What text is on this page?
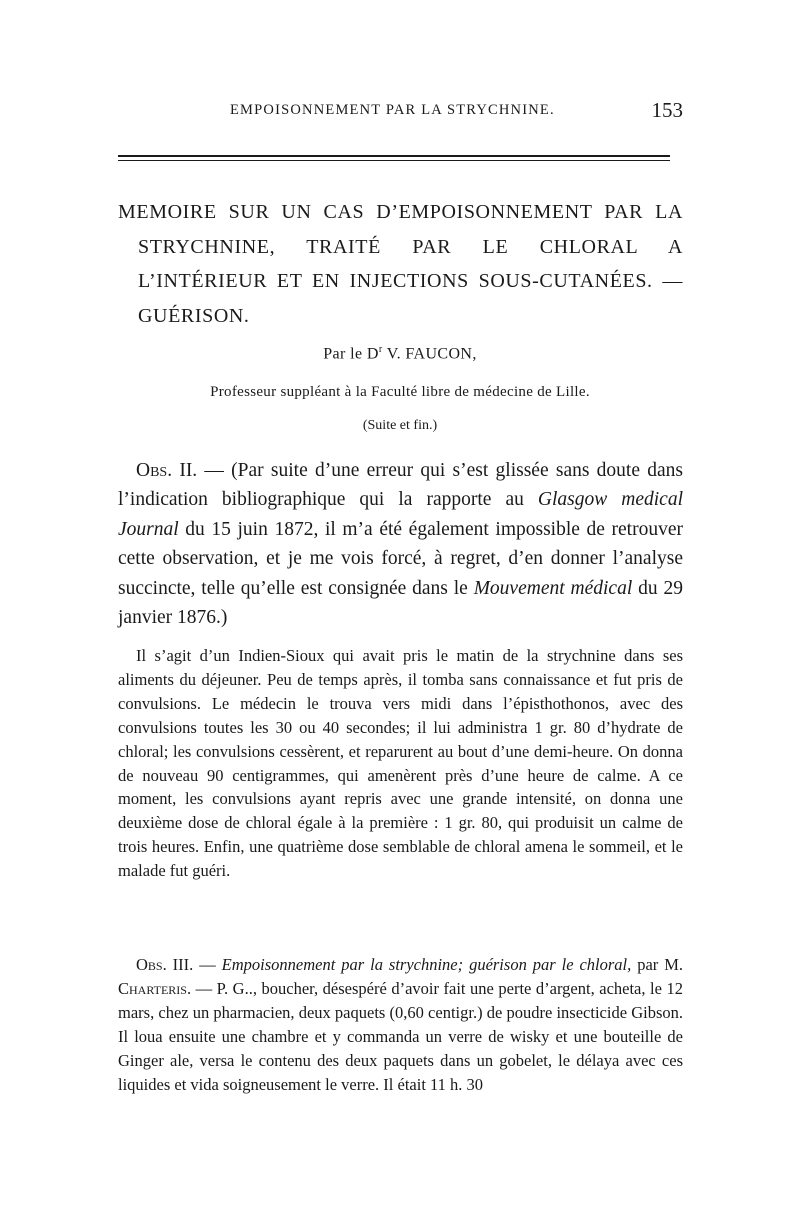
EMPOISONNEMENT PAR LA STRYCHNINE.	153
MEMOIRE SUR UN CAS D’EMPOISONNEMENT PAR LA STRYCHNINE, TRAITÉ PAR LE CHLORAL A L’INTÉRIEUR ET EN INJECTIONS SOUS-CUTANÉES. — GUÉRISON.
Par le $D^r$ V. FAUCON,
Professeur suppléant à la Faculté libre de médecine de Lille.
(Suite et fin.)

Obs. II. — (Par suite d’une erreur qui s’est glissée sans doute dans l’indication bibliographique qui la rapporte au Glasgow medical Journal du 15 juin 1872, il m’a été également impossible de retrouver cette observation, et je me vois forcé, à regret, d’en donner l’analyse succincte, telle qu’elle est consignée dans le Mouvement médical du 29 janvier 1876.)

Il s’agit d’un Indien-Sioux qui avait pris le matin de la strychnine dans ses aliments du déjeuner. Peu de temps après, il tomba sans connaissance et fut pris de convulsions. Le médecin le trouva vers midi dans l’épisthothonos, avec des convulsions toutes les 30 ou 40 secondes; il lui administra 1 gr. 80 d’hydrate de chloral; les convulsions cessèrent, et reparurent au bout d’une demi-heure. On donna de nouveau 90 centigrammes, qui amenèrent près d’une heure de calme. A ce moment, les convulsions ayant repris avec une grande intensité, on donna une deuxième dose de chloral égale à la première : 1 gr. 80, qui produisit un calme de trois heures. Enfin, une quatrième dose semblable de chloral amena le sommeil, et le malade fut guéri.

Obs. III. — Empoisonnement par la strychnine; guérison par le chloral, par M. Charteris. — P. G.., boucher, désespéré d’avoir fait une perte d’argent, acheta, le 12 mars, chez un pharmacien, deux paquets (0,60 centigr.) de poudre insecticide Gibson. Il loua ensuite une chambre et y commanda un verre de wisky et une bouteille de Ginger ale, versa le contenu des deux paquets dans un gobelet, le délaya avec ces liquides et vida soigneusement le verre. Il était 11 h. 30
